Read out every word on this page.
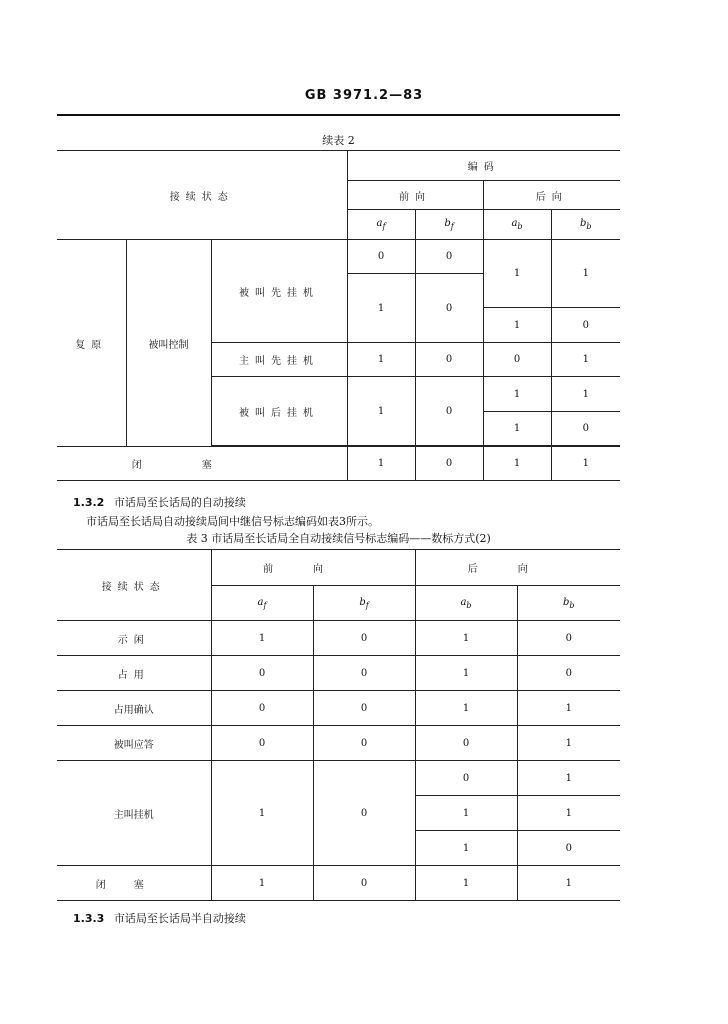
GB 3971.2—83
续表 2
接续状态			编码			
			前向		后向	
			$a_f$	$b_f$	$a_b$	$b_b$
复原	被叫控制	被叫先挂机	0	0	1	1
			1	0		
					1	0
		主叫先挂机	1	0	0	1
		被叫后挂机	1	0	1	1
					1	0

闭塞			1	0	1	1
1.3.2 市话局至长话局的自动接续
市话局至长话局自动接续局间中继信号标志编码如表3所示。
表 3 市话局至长话局全自动接续信号标志编码——数标方式(2)
接续状态	前向		后向	
	$a_f$	$b_f$	$a_b$	$b_b$
示闲	1	0	1	0
占用	0	0	1	0
占用确认	0	0	1	1
被叫应答	0	0	0	1
主叫挂机	1	0	0	1
			1	1
			1	0
闭塞	1	0	1	1
1.3.3 市话局至长话局半自动接续
